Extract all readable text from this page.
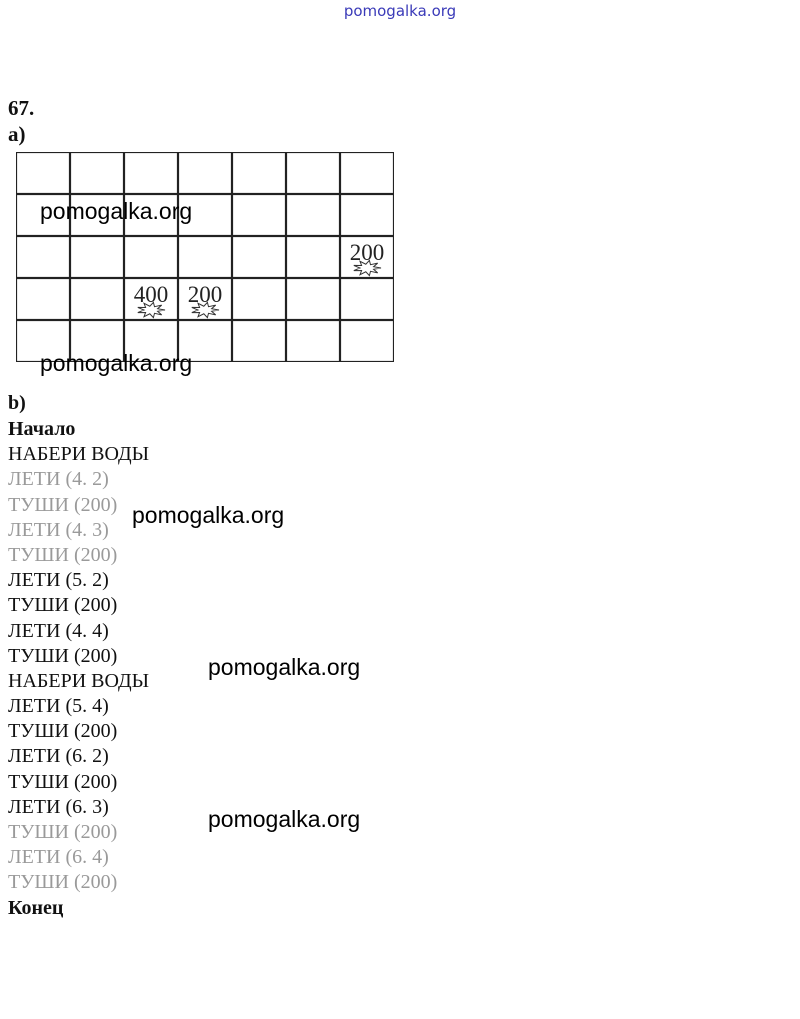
pomogalka.org
67.
а)
200
400 200
b)
Начало
НАБЕРИ ВОДЫ
ЛЕТИ (4. 2)
ТУШИ (200)
ЛЕТИ (4. 3)
ТУШИ (200)
ЛЕТИ (5. 2)
ТУШИ (200)
ЛЕТИ (4. 4)
ТУШИ (200)
НАБЕРИ ВОДЫ
ЛЕТИ (5. 4)
ТУШИ (200)
ЛЕТИ (6. 2)
ТУШИ (200)
ЛЕТИ (6. 3)
ТУШИ (200)
ЛЕТИ (6. 4)
ТУШИ (200)
Конец
pomogalka.org
pomogalka.org
pomogalka.org
pomogalka.org
pomogalka.org
